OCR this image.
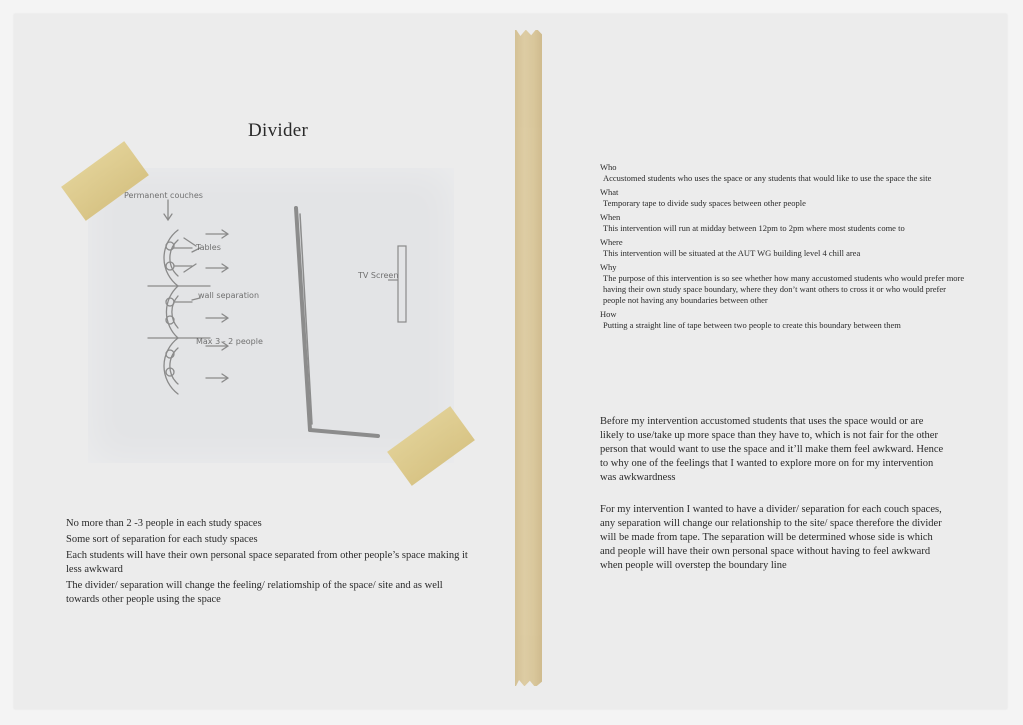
Divider
Permanent couches
Tables
wall separation
Max 3 - 2 people
TV Screen
No more than 2 -3 people in each study spaces
Some sort of separation for each study spaces
Each students will have their own personal space separated from other people’s space making it less awkward
The divider/ separation will change the feeling/ relatiomship of the space/ site and as well towards other people using the space
Who
Accustomed students who uses the space or any students that would like to use the space the site
What
Temporary tape to divide sudy spaces between other people
When
This intervention will run at midday between 12pm to 2pm where most students come to
Where
This intervention will be situated at the AUT WG building level 4 chill area
Why
The purpose of this intervention is so see whether how many accustomed students who would prefer more having their own study space boundary, where they don’t want others to cross it or who would prefer people not having any boundaries between other
How
Putting a straight line of tape between two people to create this boundary between them
Before my intervention accustomed students that uses the space would or are likely to use/take up more space than they have to, which is not fair for the other person that would want to use the space and it’ll make them feel awkward. Hence to why one of the feelings that I wanted to explore more on for my intervention was awkwardness
For my intervention I wanted to have a divider/ separation for each couch spaces, any separation will change our relationship to the site/ space therefore the divider will be made from tape. The separation will be determined whose side is which and people will have their own personal space without having to feel awkward when people will overstep the boundary line
